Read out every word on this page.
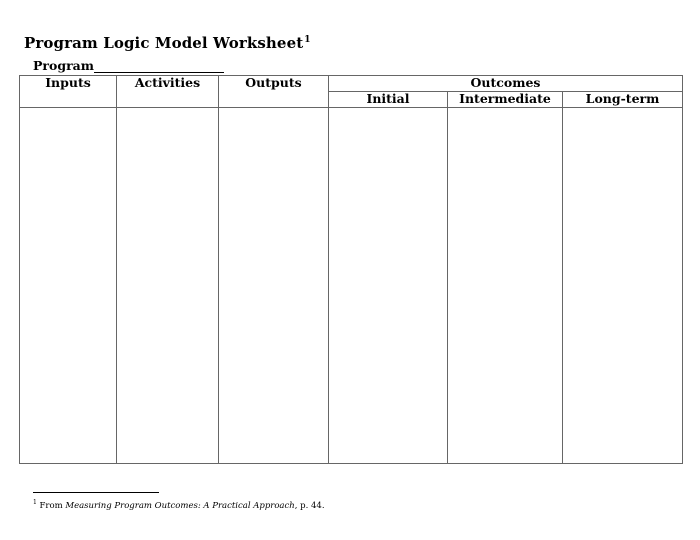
Program Logic Model Worksheet$^1$
Program
Inputs	Activities	Outputs	Outcomes		
			Initial	Intermediate	Long-term

$^1$ From Measuring Program Outcomes: A Practical Approach, p. 44.
